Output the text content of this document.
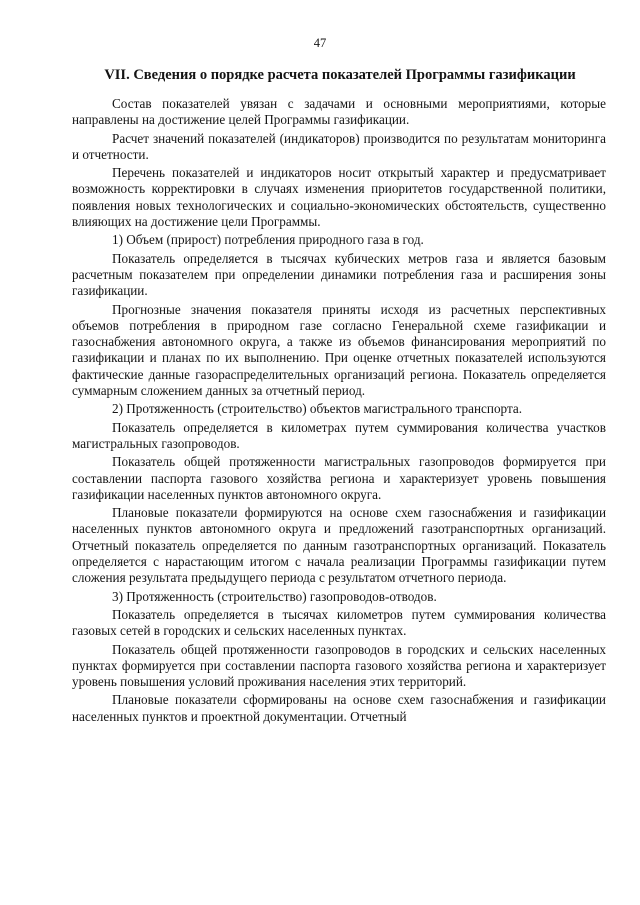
47
VII. Сведения о порядке расчета показателей Программы газификации

Состав показателей увязан с задачами и основными мероприятиями, которые направлены на достижение целей Программы газификации.

Расчет значений показателей (индикаторов) производится по результатам мониторинга и отчетности.

Перечень показателей и индикаторов носит открытый характер и предусматривает возможность корректировки в случаях изменения приоритетов государственной политики, появления новых технологических и социально-экономических обстоятельств, существенно влияющих на достижение цели Программы.

1) Объем (прирост) потребления природного газа в год.

Показатель определяется в тысячах кубических метров газа и является базовым расчетным показателем при определении динамики потребления газа и расширения зоны газификации.

Прогнозные значения показателя приняты исходя из расчетных перспективных объемов потребления в природном газе согласно Генеральной схеме газификации и газоснабжения автономного округа, а также из объемов финансирования мероприятий по газификации и планах по их выполнению. При оценке отчетных показателей используются фактические данные газораспределительных организаций региона. Показатель определяется суммарным сложением данных за отчетный период.

2) Протяженность (строительство) объектов магистрального транспорта.

Показатель определяется в километрах путем суммирования количества участков магистральных газопроводов.

Показатель общей протяженности магистральных газопроводов формируется при составлении паспорта газового хозяйства региона и характеризует уровень повышения газификации населенных пунктов автономного округа.

Плановые показатели формируются на основе схем газоснабжения и газификации населенных пунктов автономного округа и предложений газотранспортных организаций. Отчетный показатель определяется по данным газотранспортных организаций. Показатель определяется с нарастающим итогом с начала реализации Программы газификации путем сложения результата предыдущего периода с результатом отчетного периода.

3) Протяженность (строительство) газопроводов-отводов.

Показатель определяется в тысячах километров путем суммирования количества газовых сетей в городских и сельских населенных пунктах.

Показатель общей протяженности газопроводов в городских и сельских населенных пунктах формируется при составлении паспорта газового хозяйства региона и характеризует уровень повышения условий проживания населения этих территорий.

Плановые показатели сформированы на основе схем газоснабжения и газификации населенных пунктов и проектной документации. Отчетный
